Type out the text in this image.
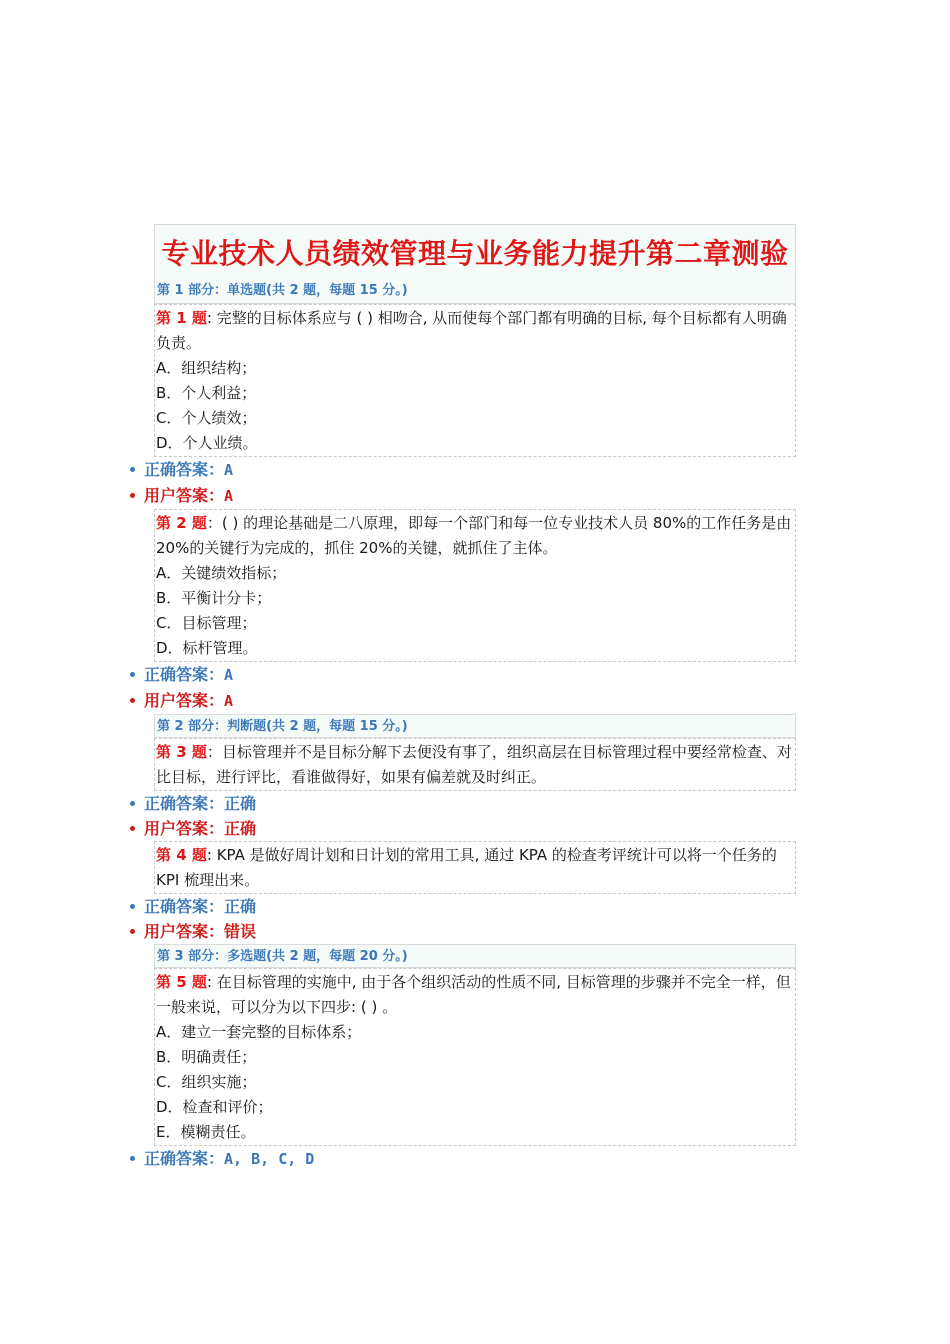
专业技术人员绩效管理与业务能力提升第二章测验
第 1 部分：单选题(共 2 题，每题 15 分。)
第 1 题: 完整的目标体系应与 ( ) 相吻合, 从而使每个部门都有明确的目标, 每个目标都有人明确负责。
A．组织结构；
B．个人利益；
C．个人绩效；
D．个人业绩。
正确答案：A
用户答案：A
第 2 题：( ) 的理论基础是二八原理，即每一个部门和每一位专业技术人员 80%的工作任务是由 20%的关键行为完成的，抓住 20%的关键，就抓住了主体。
A．关键绩效指标；
B．平衡计分卡；
C．目标管理；
D．标杆管理。
正确答案：A
用户答案：A
第 2 部分：判断题(共 2 题，每题 15 分。)
第 3 题：目标管理并不是目标分解下去便没有事了，组织高层在目标管理过程中要经常检查、对比目标，进行评比，看谁做得好，如果有偏差就及时纠正。
正确答案：正确
用户答案：正确
第 4 题: KPA 是做好周计划和日计划的常用工具, 通过 KPA 的检查考评统计可以将一个任务的 KPI 梳理出来。
正确答案：正确
用户答案：错误
第 3 部分：多选题(共 2 题，每题 20 分。)
第 5 题: 在目标管理的实施中, 由于各个组织活动的性质不同, 目标管理的步骤并不完全一样，但一般来说，可以分为以下四步: ( ) 。
A．建立一套完整的目标体系；
B．明确责任；
C．组织实施；
D．检查和评价；
E．模糊责任。
正确答案：A, B, C, D
